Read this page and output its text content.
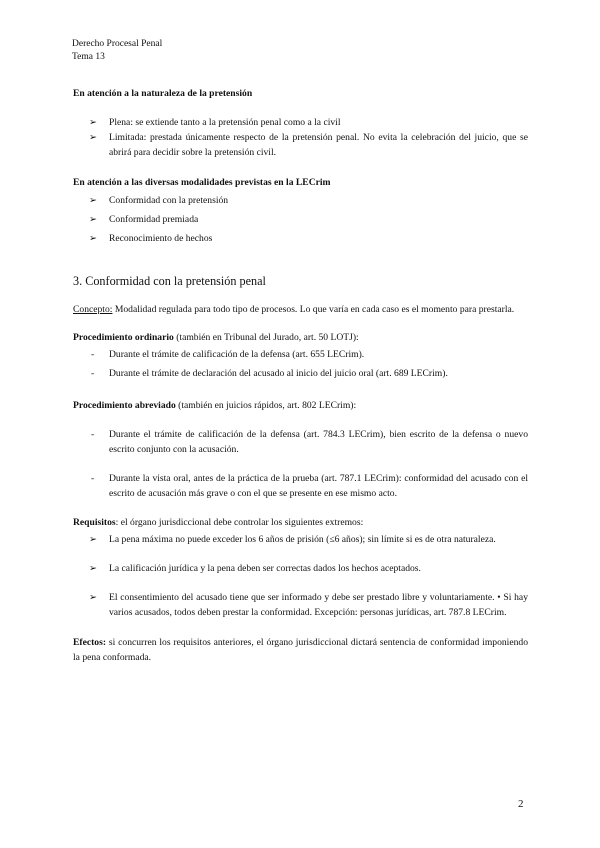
Derecho Procesal Penal
Tema 13

En atención a la naturaleza de la pretensión

➢ Plena: se extiende tanto a la pretensión penal como a la civil
➢ Limitada: prestada únicamente respecto de la pretensión penal. No evita la celebración del juicio, que se abrirá para decidir sobre la pretensión civil.

En atención a las diversas modalidades previstas en la LECrim

➢ Conformidad con la pretensión
➢ Conformidad premiada
➢ Reconocimiento de hechos

3. Conformidad con la pretensión penal

Concepto: Modalidad regulada para todo tipo de procesos. Lo que varía en cada caso es el momento para prestarla.

Procedimiento ordinario (también en Tribunal del Jurado, art. 50 LOTJ):

- Durante el trámite de calificación de la defensa (art. 655 LECrim).
- Durante el trámite de declaración del acusado al inicio del juicio oral (art. 689 LECrim).

Procedimiento abreviado (también en juicios rápidos, art. 802 LECrim):

- Durante el trámite de calificación de la defensa (art. 784.3 LECrim), bien escrito de la defensa o nuevo escrito conjunto con la acusación.
- Durante la vista oral, antes de la práctica de la prueba (art. 787.1 LECrim): conformidad del acusado con el escrito de acusación más grave o con el que se presente en ese mismo acto.

Requisitos: el órgano jurisdiccional debe controlar los siguientes extremos:

➢ La pena máxima no puede exceder los 6 años de prisión (≤6 años); sin límite si es de otra naturaleza.
➢ La calificación jurídica y la pena deben ser correctas dados los hechos aceptados.
➢ El consentimiento del acusado tiene que ser informado y debe ser prestado libre y voluntariamente. • Si hay varios acusados, todos deben prestar la conformidad. Excepción: personas jurídicas, art. 787.8 LECrim.

Efectos: si concurren los requisitos anteriores, el órgano jurisdiccional dictará sentencia de conformidad imponiendo la pena conformada.

2
